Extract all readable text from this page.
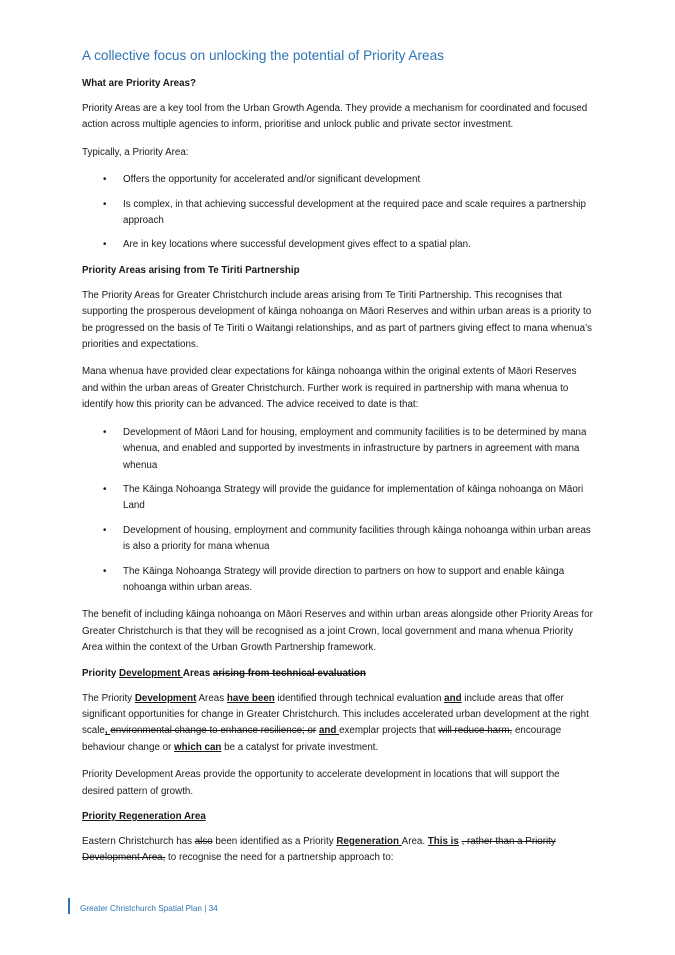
A collective focus on unlocking the potential of Priority Areas
What are Priority Areas?

Priority Areas are a key tool from the Urban Growth Agenda. They provide a mechanism for coordinated and focused action across multiple agencies to inform, prioritise and unlock public and private sector investment.

Typically, a Priority Area:

• Offers the opportunity for accelerated and/or significant development
• Is complex, in that achieving successful development at the required pace and scale requires a partnership approach
• Are in key locations where successful development gives effect to a spatial plan.
Priority Areas arising from Te Tiriti Partnership

The Priority Areas for Greater Christchurch include areas arising from Te Tiriti Partnership. This recognises that supporting the prosperous development of kāinga nohoanga on Māori Reserves and within urban areas is a priority to be progressed on the basis of Te Tiriti o Waitangi relationships, and as part of partners giving effect to mana whenua’s priorities and expectations.

Mana whenua have provided clear expectations for kāinga nohoanga within the original extents of Māori Reserves and within the urban areas of Greater Christchurch. Further work is required in partnership with mana whenua to identify how this priority can be advanced. The advice received to date is that:

• Development of Māori Land for housing, employment and community facilities is to be determined by mana whenua, and enabled and supported by investments in infrastructure by partners in agreement with mana whenua
• The Kāinga Nohoanga Strategy will provide the guidance for implementation of kāinga nohoanga on Māori Land
• Development of housing, employment and community facilities through kāinga nohoanga within urban areas is also a priority for mana whenua
• The Kāinga Nohoanga Strategy will provide direction to partners on how to support and enable kāinga nohoanga within urban areas.

The benefit of including kāinga nohoanga on Māori Reserves and within urban areas alongside other Priority Areas for Greater Christchurch is that they will be recognised as a joint Crown, local government and mana whenua Priority Area within the context of the Urban Growth Partnership framework.

Priority Development Areas arising from technical evaluation

The Priority Development Areas have been identified through technical evaluation and include areas that offer significant opportunities for change in Greater Christchurch. This includes accelerated urban development at the right scale, environmental change to enhance resilience; or and exemplar projects that will reduce harm, encourage behaviour change or which can be a catalyst for private investment.

Priority Development Areas provide the opportunity to accelerate development in locations that will support the desired pattern of growth.

Priority Regeneration Area

Eastern Christchurch has also been identified as a Priority Regeneration Area. This is , rather than a Priority Development Area, to recognise the need for a partnership approach to:

Greater Christchurch Spatial Plan | 34
